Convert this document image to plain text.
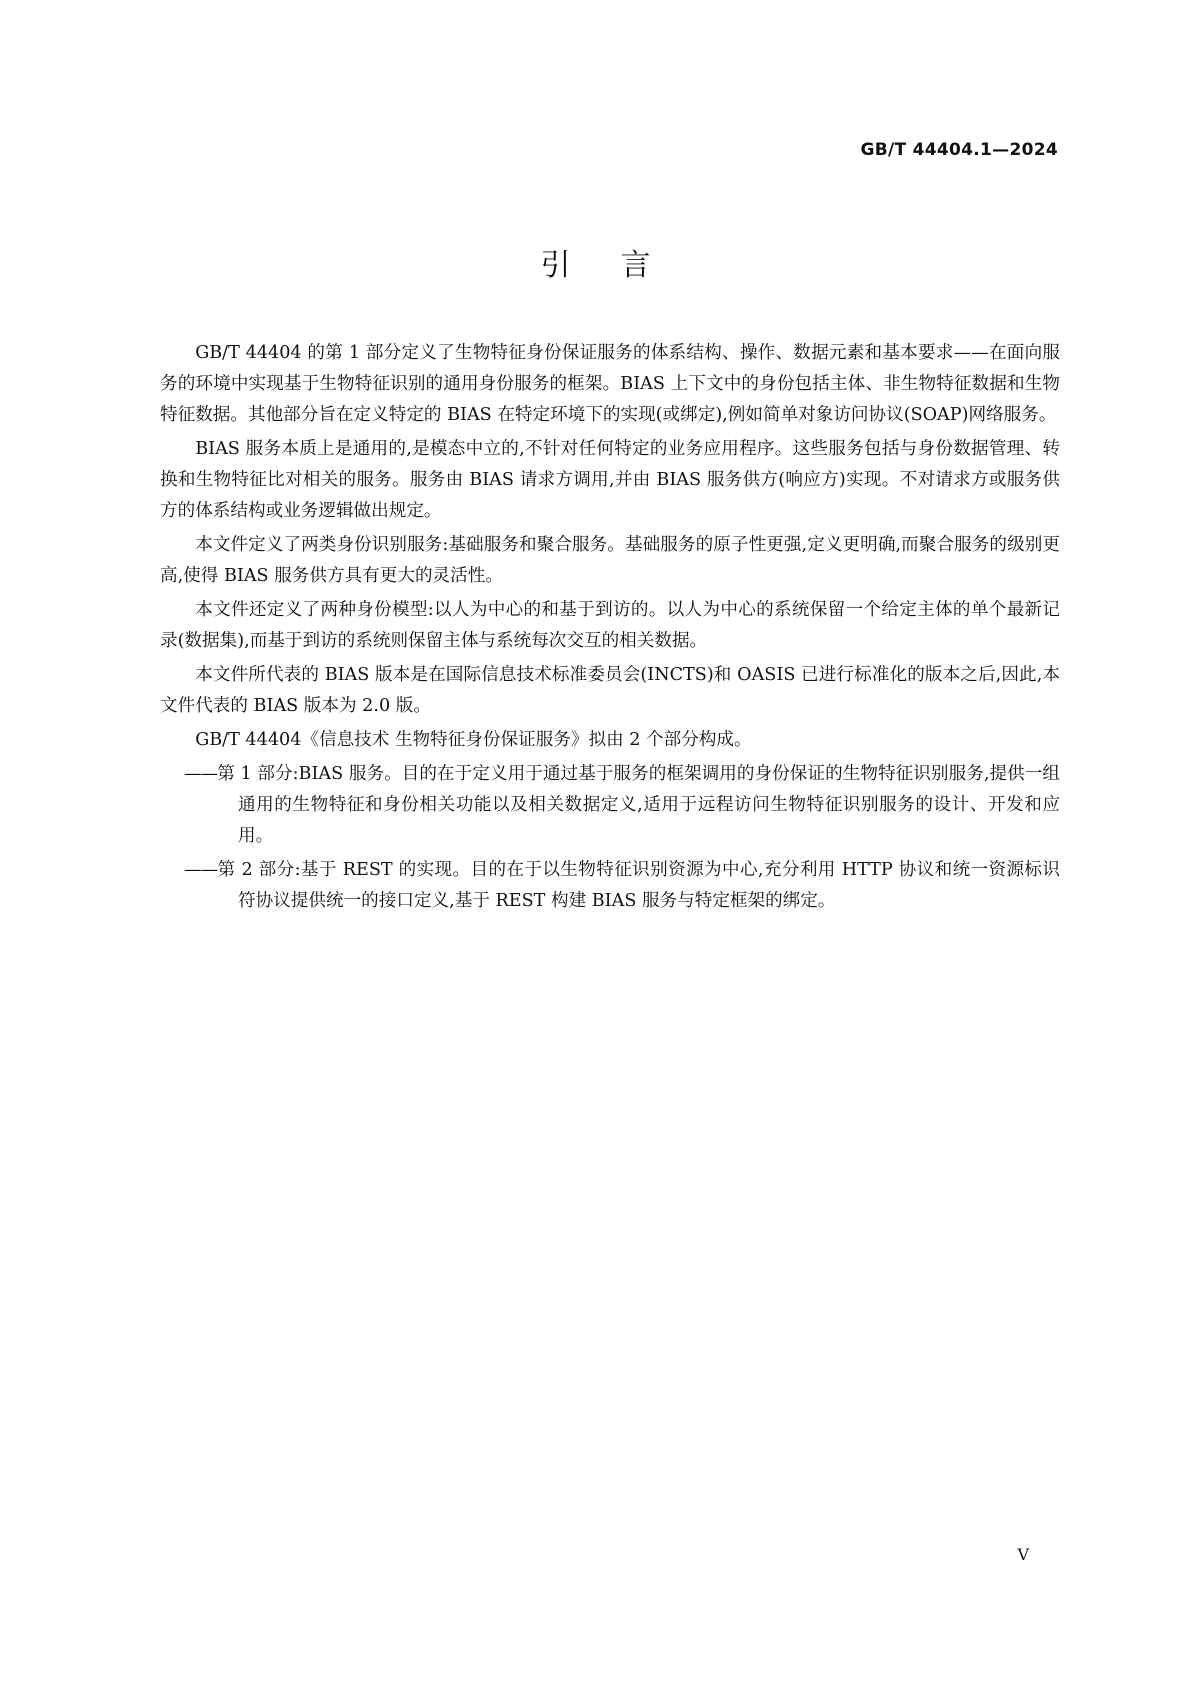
GB/T 44404.1—2024
引言

GB/T 44404 的第 1 部分定义了生物特征身份保证服务的体系结构、操作、数据元素和基本要求——在面向服务的环境中实现基于生物特征识别的通用身份服务的框架。BIAS 上下文中的身份包括主体、非生物特征数据和生物特征数据。其他部分旨在定义特定的 BIAS 在特定环境下的实现(或绑定),例如简单对象访问协议(SOAP)网络服务。

BIAS 服务本质上是通用的,是模态中立的,不针对任何特定的业务应用程序。这些服务包括与身份数据管理、转换和生物特征比对相关的服务。服务由 BIAS 请求方调用,并由 BIAS 服务供方(响应方)实现。不对请求方或服务供方的体系结构或业务逻辑做出规定。

本文件定义了两类身份识别服务:基础服务和聚合服务。基础服务的原子性更强,定义更明确,而聚合服务的级别更高,使得 BIAS 服务供方具有更大的灵活性。

本文件还定义了两种身份模型:以人为中心的和基于到访的。以人为中心的系统保留一个给定主体的单个最新记录(数据集),而基于到访的系统则保留主体与系统每次交互的相关数据。

本文件所代表的 BIAS 版本是在国际信息技术标准委员会(INCTS)和 OASIS 已进行标准化的版本之后,因此,本文件代表的 BIAS 版本为 2.0 版。

GB/T 44404《信息技术 生物特征身份保证服务》拟由 2 个部分构成。
——第 1 部分:BIAS 服务。目的在于定义用于通过基于服务的框架调用的身份保证的生物特征识别服务,提供一组通用的生物特征和身份相关功能以及相关数据定义,适用于远程访问生物特征识别服务的设计、开发和应用。
——第 2 部分:基于 REST 的实现。目的在于以生物特征识别资源为中心,充分利用 HTTP 协议和统一资源标识符协议提供统一的接口定义,基于 REST 构建 BIAS 服务与特定框架的绑定。
V
